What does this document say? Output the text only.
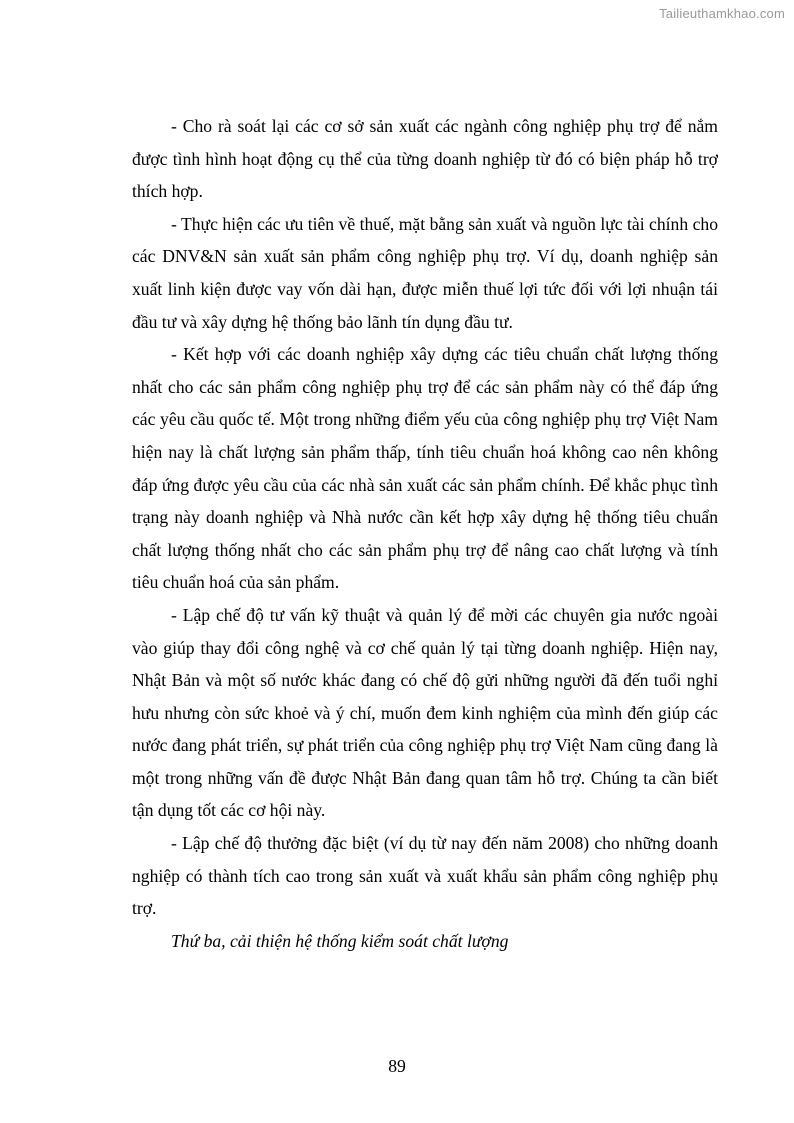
Tailieuthamkhao.com

- Cho rà soát lại các cơ sở sản xuất các ngành công nghiệp phụ trợ để nắm được tình hình hoạt động cụ thể của từng doanh nghiệp từ đó có biện pháp hỗ trợ thích hợp.

- Thực hiện các ưu tiên về thuế, mặt bằng sản xuất và nguồn lực tài chính cho các DNV&N sản xuất sản phẩm công nghiệp phụ trợ. Ví dụ, doanh nghiệp sản xuất linh kiện được vay vốn dài hạn, được miễn thuế lợi tức đối với lợi nhuận tái đầu tư và xây dựng hệ thống bảo lãnh tín dụng đầu tư.

- Kết hợp với các doanh nghiệp xây dựng các tiêu chuẩn chất lượng thống nhất cho các sản phẩm công nghiệp phụ trợ để các sản phẩm này có thể đáp ứng các yêu cầu quốc tế. Một trong những điểm yếu của công nghiệp phụ trợ Việt Nam hiện nay là chất lượng sản phẩm thấp, tính tiêu chuẩn hoá không cao nên không đáp ứng được yêu cầu của các nhà sản xuất các sản phẩm chính. Để khắc phục tình trạng này doanh nghiệp và Nhà nước cần kết hợp xây dựng hệ thống tiêu chuẩn chất lượng thống nhất cho các sản phẩm phụ trợ để nâng cao chất lượng và tính tiêu chuẩn hoá của sản phẩm.

- Lập chế độ tư vấn kỹ thuật và quản lý để mời các chuyên gia nước ngoài vào giúp thay đổi công nghệ và cơ chế quản lý tại từng doanh nghiệp. Hiện nay, Nhật Bản và một số nước khác đang có chế độ gửi những người đã đến tuổi nghỉ hưu nhưng còn sức khoẻ và ý chí, muốn đem kinh nghiệm của mình đến giúp các nước đang phát triển, sự phát triển của công nghiệp phụ trợ Việt Nam cũng đang là một trong những vấn đề được Nhật Bản đang quan tâm hỗ trợ. Chúng ta cần biết tận dụng tốt các cơ hội này.

- Lập chế độ thưởng đặc biệt (ví dụ từ nay đến năm 2008) cho những doanh nghiệp có thành tích cao trong sản xuất và xuất khẩu sản phẩm công nghiệp phụ trợ.

Thứ ba, cải thiện hệ thống kiểm soát chất lượng

89
